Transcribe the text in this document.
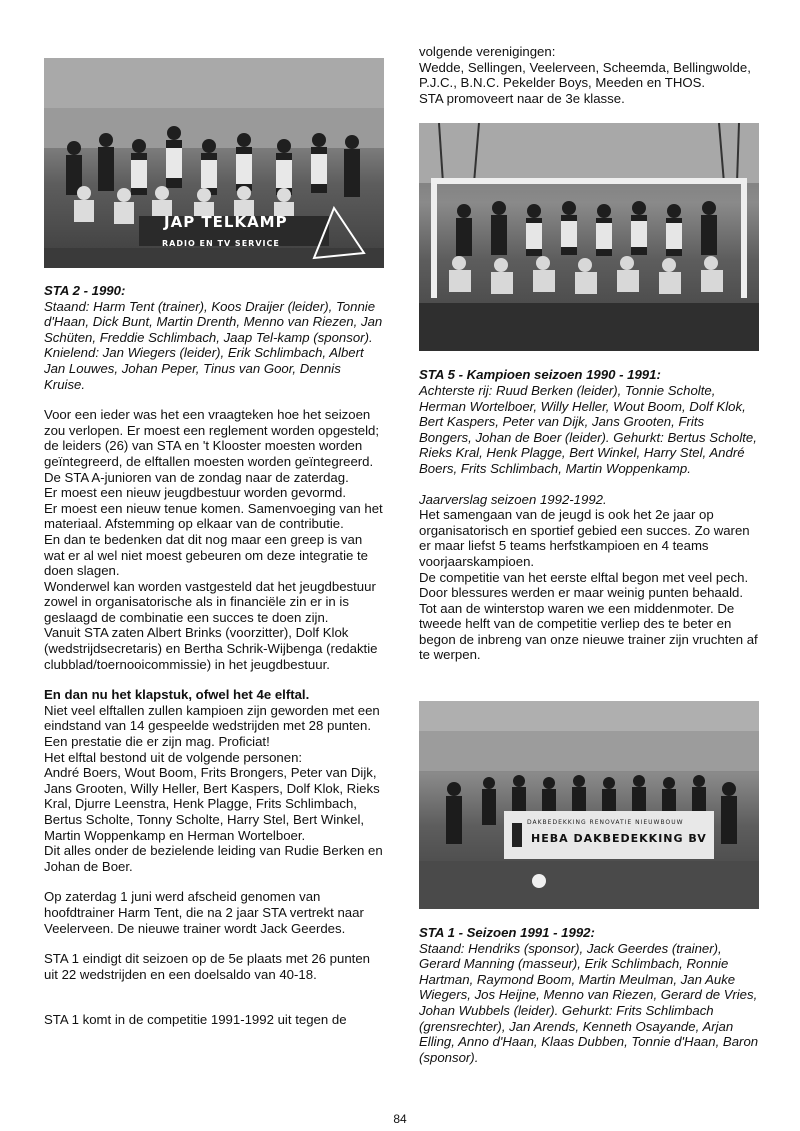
JAP TELKAMP
RADIO EN TV SERVICE

STA 2 - 1990:

Staand: Harm Tent (trainer), Koos Draijer (leider), Tonnie d'Haan, Dick Bunt, Martin Drenth, Menno van Riezen, Jan Schüten, Freddie Schlimbach, Jaap Tel-kamp (sponsor). Knielend: Jan Wiegers (leider), Erik Schlimbach, Albert Jan Louwes, Johan Peper, Tinus van Goor, Dennis Kruise.

Voor een ieder was het een vraagteken hoe het seizoen zou verlopen. Er moest een reglement worden opgesteld; de leiders (26) van STA en 't Klooster moesten worden geïntegreerd, de elftallen moesten worden geïntegreerd. De STA A-junioren van de zondag naar de zaterdag.

Er moest een nieuw jeugdbestuur worden gevormd.

Er moest een nieuw tenue komen. Samenvoeging van het materiaal. Afstemming op elkaar van de contributie.

En dan te bedenken dat dit nog maar een greep is van wat er al wel niet moest gebeuren om deze integratie te doen slagen.

Wonderwel kan worden vastgesteld dat het jeugdbestuur zowel in organisatorische als in financiële zin er in is geslaagd de combinatie een succes te doen zijn.

Vanuit STA zaten Albert Brinks (voorzitter), Dolf Klok (wedstrijdsecretaris) en Bertha Schrik-Wijbenga (redaktie clubblad/toernooicommissie) in het jeugdbestuur.

En dan nu het klapstuk, ofwel het 4e elftal.

Niet veel elftallen zullen kampioen zijn geworden met een eindstand van 14 gespeelde wedstrijden met 28 punten. Een prestatie die er zijn mag. Proficiat!

Het elftal bestond uit de volgende personen:

André Boers, Wout Boom, Frits Brongers, Peter van Dijk, Jans Grooten, Willy Heller, Bert Kaspers, Dolf Klok, Rieks Kral, Djurre Leenstra, Henk Plagge, Frits Schlimbach, Bertus Scholte, Tonny Scholte, Harry Stel, Bert Winkel, Martin Woppenkamp en Herman Wortelboer.

Dit alles onder de bezielende leiding van Rudie Berken en Johan de Boer.

Op zaterdag 1 juni werd afscheid genomen van hoofdtrainer Harm Tent, die na 2 jaar STA vertrekt naar Veelerveen. De nieuwe trainer wordt Jack Geerdes.

STA 1 eindigt dit seizoen op de 5e plaats met 26 punten uit 22 wedstrijden en een doelsaldo van 40-18.

STA 1 komt in de competitie 1991-1992 uit tegen de

volgende verenigingen:

Wedde, Sellingen, Veelerveen, Scheemda, Bellingwolde, P.J.C., B.N.C. Pekelder Boys, Meeden en THOS.

STA promoveert naar de 3e klasse.

STA 5 - Kampioen seizoen 1990 - 1991:

Achterste rij: Ruud Berken (leider), Tonnie Scholte, Herman Wortelboer, Willy Heller, Wout Boom, Dolf Klok, Bert Kaspers, Peter van Dijk, Jans Grooten, Frits Bongers, Johan de Boer (leider). Gehurkt: Bertus Scholte, Rieks Kral, Henk Plagge, Bert Winkel, Harry Stel, André Boers, Frits Schlimbach, Martin Woppenkamp.

Jaarverslag seizoen 1992-1992.

Het samengaan van de jeugd is ook het 2e jaar op organisatorisch en sportief gebied een succes. Zo waren er maar liefst 5 teams herfstkampioen en 4 teams voorjaarskampioen.

De competitie van het eerste elftal begon met veel pech. Door blessures werden er maar weinig punten behaald. Tot aan de winterstop waren we een middenmoter. De tweede helft van de competitie verliep des te beter en begon de inbreng van onze nieuwe trainer zijn vruchten af te werpen.

DAKBEDEKKING RENOVATIE NIEUWBOUW
HEBA DAKBEDEKKING BV

STA 1 - Seizoen 1991 - 1992:

Staand: Hendriks (sponsor), Jack Geerdes (trainer), Gerard Manning (masseur), Erik Schlimbach, Ronnie Hartman, Raymond Boom, Martin Meulman, Jan Auke Wiegers, Jos Heijne, Menno van Riezen, Gerard de Vries, Johan Wubbels (leider). Gehurkt: Frits Schlimbach (grensrechter), Jan Arends, Kenneth Osayande, Arjan Elling, Anno d'Haan, Klaas Dubben, Tonnie d'Haan, Baron (sponsor).

84
